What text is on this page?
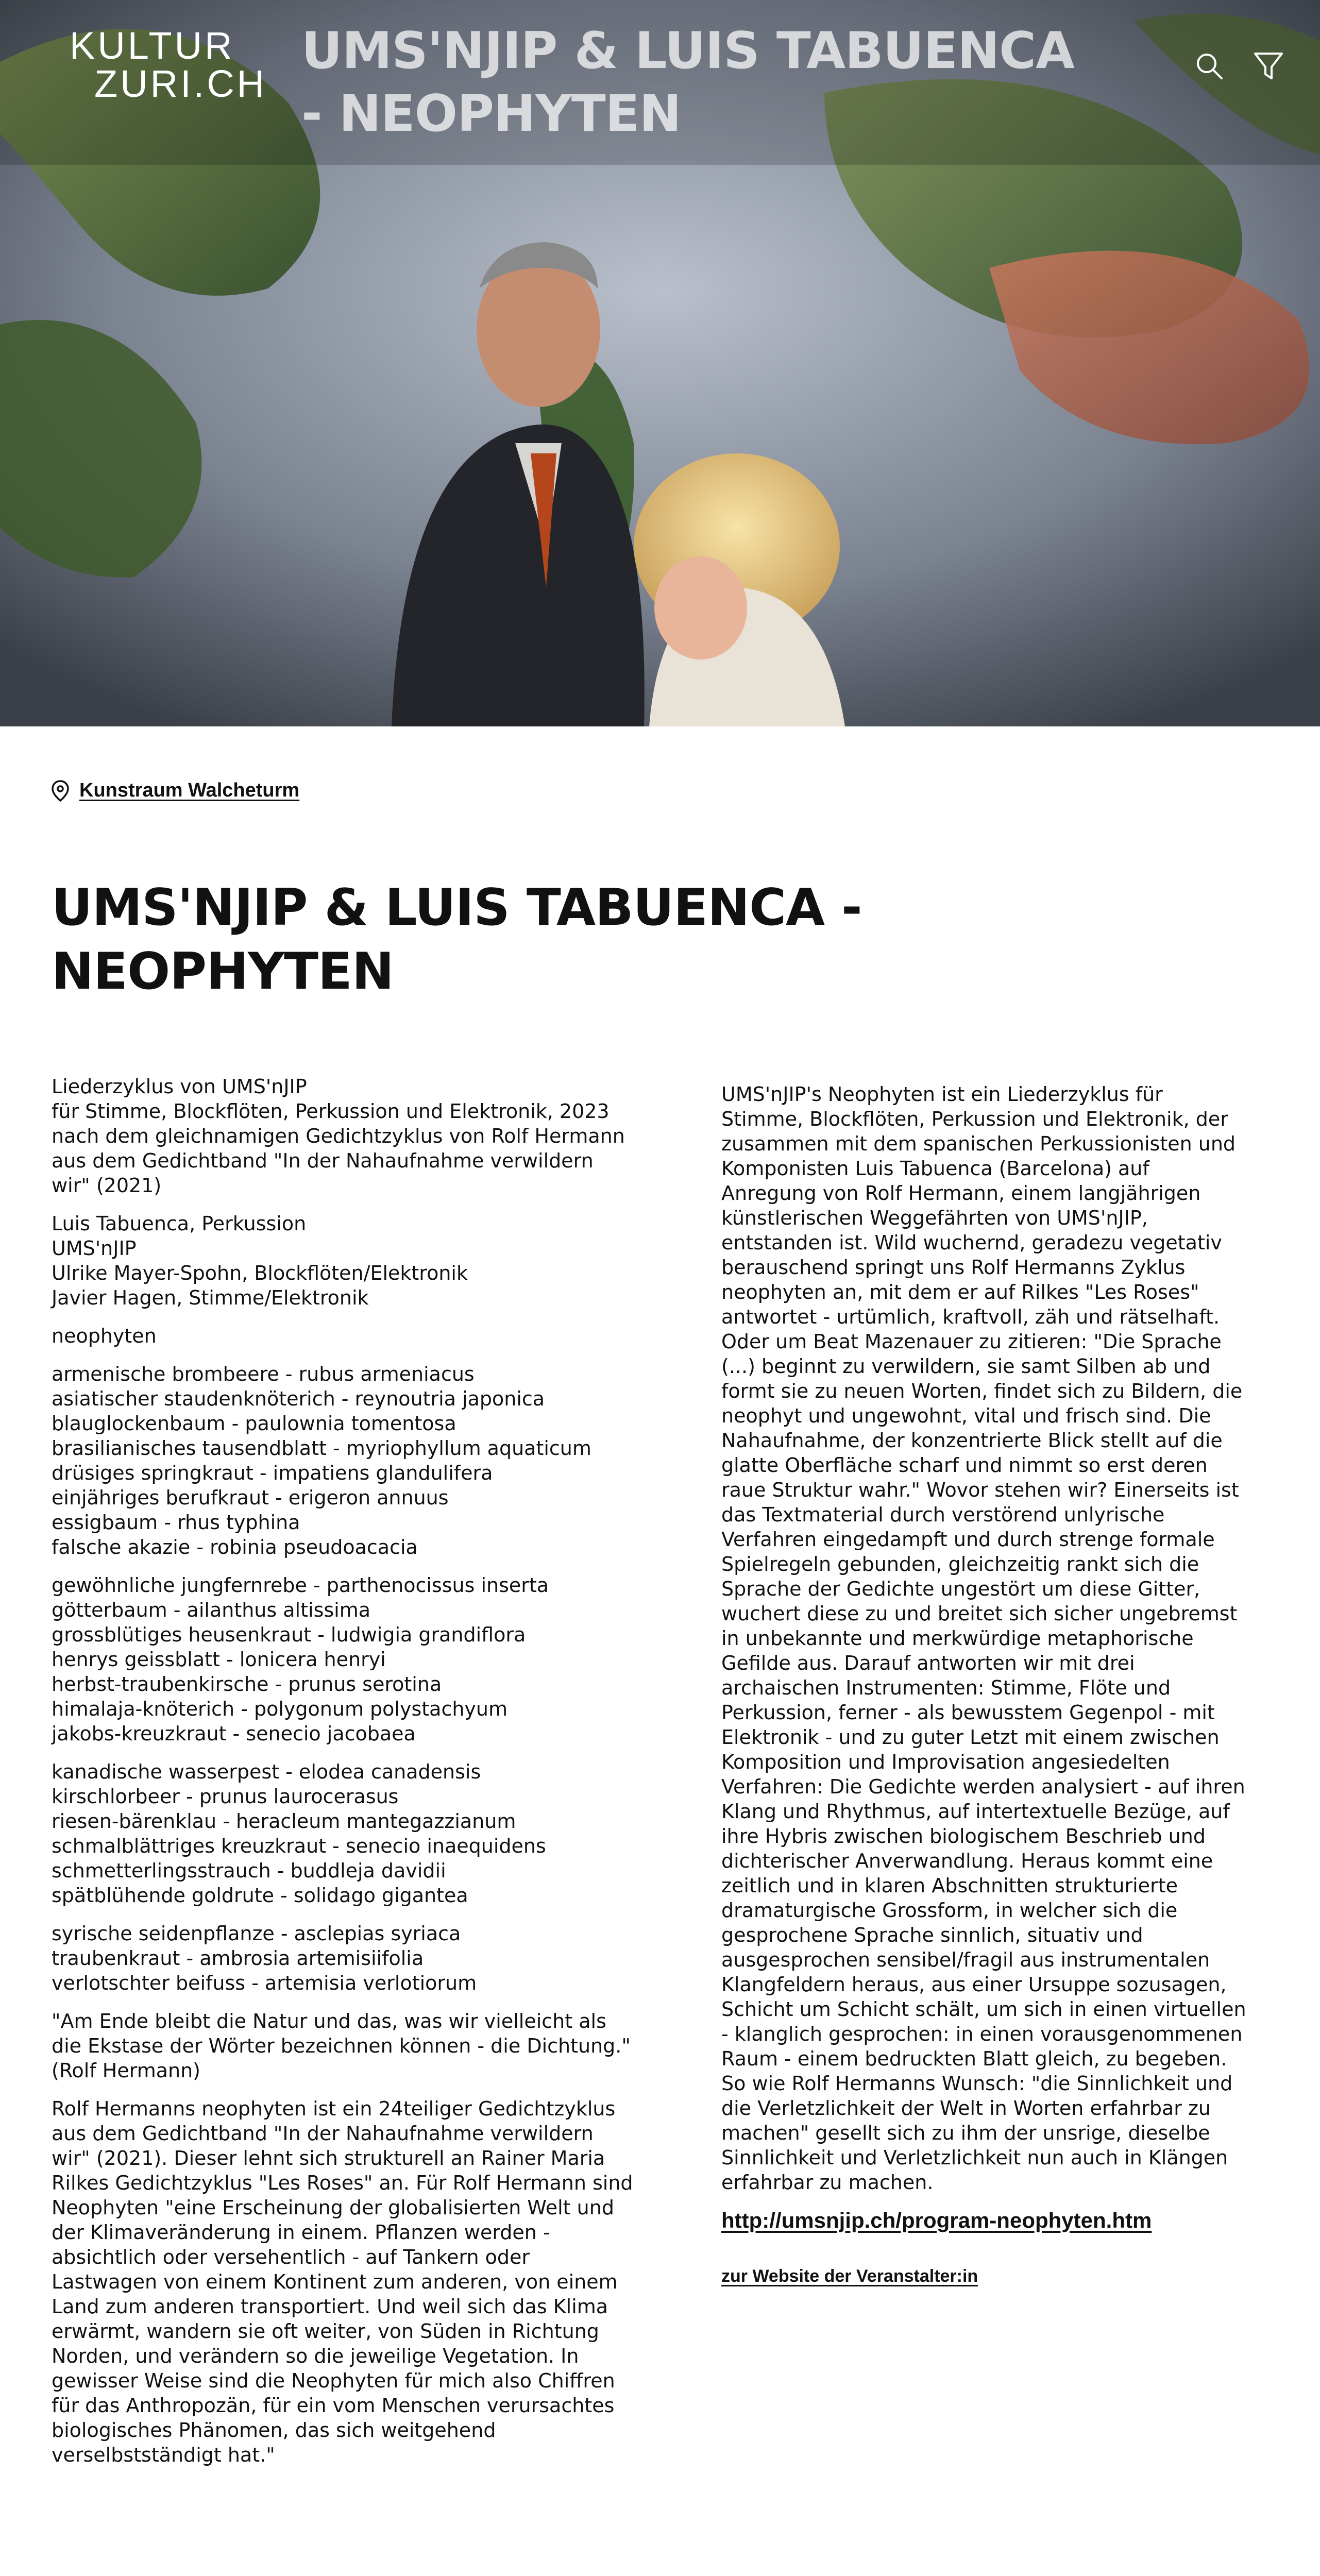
KULTUR
ZURI.CH
UMS'NJIP & LUIS TABUENCA - NEOPHYTEN
Kunstraum Walcheturm
UMS'NJIP & LUIS TABUENCA - NEOPHYTEN

Liederzyklus von UMS'nJIP
für Stimme, Blockflöten, Perkussion und Elektronik, 2023 nach dem gleichnamigen Gedichtzyklus von Rolf Hermann aus dem Gedichtband "In der Nahaufnahme verwildern wir" (2021)

Luis Tabuenca, Perkussion
UMS'nJIP
Ulrike Mayer-Spohn, Blockflöten/Elektronik
Javier Hagen, Stimme/Elektronik

neophyten

armenische brombeere - rubus armeniacus
asiatischer staudenknöterich - reynoutria japonica
blauglockenbaum - paulownia tomentosa
brasilianisches tausendblatt - myriophyllum aquaticum
drüsiges springkraut - impatiens glandulifera
einjähriges berufkraut - erigeron annuus
essigbaum - rhus typhina
falsche akazie - robinia pseudoacacia

gewöhnliche jungfernrebe - parthenocissus inserta
götterbaum - ailanthus altissima
grossblütiges heusenkraut - ludwigia grandiflora
henrys geissblatt - lonicera henryi
herbst-traubenkirsche - prunus serotina
himalaja-knöterich - polygonum polystachyum
jakobs-kreuzkraut - senecio jacobaea

kanadische wasserpest - elodea canadensis
kirschlorbeer - prunus laurocerasus
riesen-bärenklau - heracleum mantegazzianum
schmalblättriges kreuzkraut - senecio inaequidens
schmetterlingsstrauch - buddleja davidii
spätblühende goldrute - solidago gigantea

syrische seidenpflanze - asclepias syriaca
traubenkraut - ambrosia artemisiifolia
verlotschter beifuss - artemisia verlotiorum

"Am Ende bleibt die Natur und das, was wir vielleicht als die Ekstase der Wörter bezeichnen können - die Dichtung." (Rolf Hermann)

Rolf Hermanns neophyten ist ein 24teiliger Gedichtzyklus aus dem Gedichtband "In der Nahaufnahme verwildern wir" (2021). Dieser lehnt sich strukturell an Rainer Maria Rilkes Gedichtzyklus "Les Roses" an. Für Rolf Hermann sind Neophyten "eine Erscheinung der globalisierten Welt und der Klimaveränderung in einem. Pflanzen werden - absichtlich oder versehentlich - auf Tankern oder Lastwagen von einem Kontinent zum anderen, von einem Land zum anderen transportiert. Und weil sich das Klima erwärmt, wandern sie oft weiter, von Süden in Richtung Norden, und verändern so die jeweilige Vegetation. In gewisser Weise sind die Neophyten für mich also Chiffren für das Anthropozän, für ein vom Menschen verursachtes biologisches Phänomen, das sich weitgehend verselbstständigt hat."

UMS'nJIP's Neophyten ist ein Liederzyklus für Stimme, Blockflöten, Perkussion und Elektronik, der zusammen mit dem spanischen Perkussionisten und Komponisten Luis Tabuenca (Barcelona) auf Anregung von Rolf Hermann, einem langjährigen künstlerischen Weggefährten von UMS'nJIP, entstanden ist. Wild wuchernd, geradezu vegetativ berauschend springt uns Rolf Hermanns Zyklus neophyten an, mit dem er auf Rilkes "Les Roses" antwortet - urtümlich, kraftvoll, zäh und rätselhaft. Oder um Beat Mazenauer zu zitieren: "Die Sprache (...) beginnt zu verwildern, sie samt Silben ab und formt sie zu neuen Worten, findet sich zu Bildern, die neophyt und ungewohnt, vital und frisch sind. Die Nahaufnahme, der konzentrierte Blick stellt auf die glatte Oberfläche scharf und nimmt so erst deren raue Struktur wahr." Wovor stehen wir? Einerseits ist das Textmaterial durch verstörend unlyrische Verfahren eingedampft und durch strenge formale Spielregeln gebunden, gleichzeitig rankt sich die Sprache der Gedichte ungestört um diese Gitter, wuchert diese zu und breitet sich sicher ungebremst in unbekannte und merkwürdige metaphorische Gefilde aus. Darauf antworten wir mit drei archaischen Instrumenten: Stimme, Flöte und Perkussion, ferner - als bewusstem Gegenpol - mit Elektronik - und zu guter Letzt mit einem zwischen Komposition und Improvisation angesiedelten Verfahren: Die Gedichte werden analysiert - auf ihren Klang und Rhythmus, auf intertextuelle Bezüge, auf ihre Hybris zwischen biologischem Beschrieb und dichterischer Anverwandlung. Heraus kommt eine zeitlich und in klaren Abschnitten strukturierte dramaturgische Grossform, in welcher sich die gesprochene Sprache sinnlich, situativ und ausgesprochen sensibel/fragil aus instrumentalen Klangfeldern heraus, aus einer Ursuppe sozusagen, Schicht um Schicht schält, um sich in einen virtuellen - klanglich gesprochen: in einen vorausgenommenen Raum - einem bedruckten Blatt gleich, zu begeben. So wie Rolf Hermanns Wunsch: "die Sinnlichkeit und die Verletzlichkeit der Welt in Worten erfahrbar zu machen" gesellt sich zu ihm der unsrige, dieselbe Sinnlichkeit und Verletzlichkeit nun auch in Klängen erfahrbar zu machen.

http://umsnjip.ch/program-neophyten.htm
zur Website der Veranstalter:in
